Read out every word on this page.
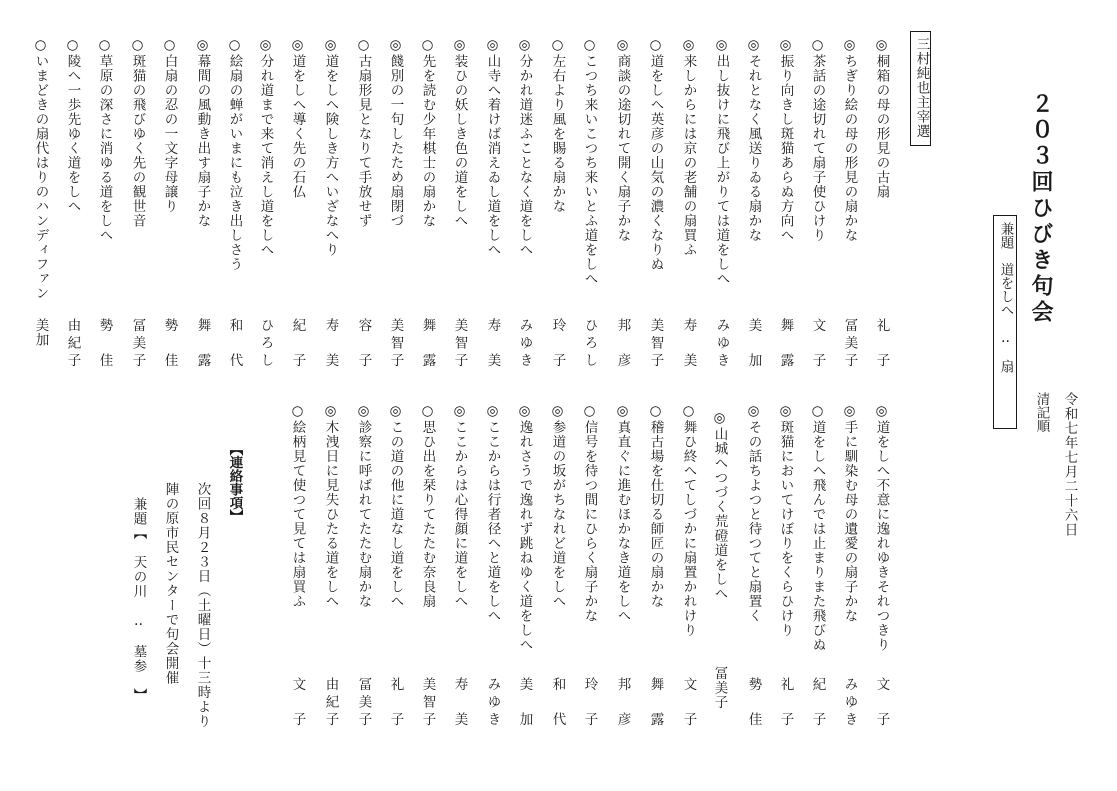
２０３回ひびき句会
令和七年七月二十六日
清記順
兼題　道をしへ　‥　扇
三村純也主宰選
◎桐箱の母の形見の古扇
礼　子
◎ちぎり絵の母の形見の扇かな
冨美子
○茶話の途切れて扇子使ひけり
文　子
◎振り向きし斑猫あらぬ方向へ
舞　露
◎それとなく風送りゐる扇かな
美　加
◎出し抜けに飛び上がりては道をしへ
みゆき
◎来しからには京の老舗の扇買ふ
寿　美
○道をしへ英彦の山気の濃くなりぬ
美智子
◎商談の途切れて開く扇子かな
邦　彦
○こつち来いこつち来いとふ道をしへ
ひろし
○左右より風を賜る扇かな
玲　子
◎分かれ道迷ふことなく道をしへ
みゆき
◎山寺へ着けば消えゐし道をしへ
寿　美
◎装ひの妖しき色の道をしへ
美智子
○先を読む少年棋士の扇かな
舞　露
◎餞別の一句したため扇閉づ
美智子
○古扇形見となりて手放せず
容　子
◎道をしへ険しき方へいざなへり
寿　美
◎道をしへ導く先の石仏
紀　子
◎分れ道まで来て消えし道をしへ
ひろし
○絵扇の蝉がいまにも泣き出しさう
和　代
◎幕間の風動き出す扇子かな
舞　露
○白扇の忍の一文字母譲り
勢　佳
○斑猫の飛びゆく先の観世音
冨美子
○草原の深さに消ゆる道をしへ
勢　佳
○陵へ一歩先ゆく道をしへ
由紀子
○いまどきの扇代はりのハンディファン
美加
◎道をしへ不意に逸れゆきそれつきり
文　子
◎手に馴染む母の遺愛の扇子かな
みゆき
○道をしへ飛んでは止まりまた飛びぬ
紀　子
◎斑猫においてけぼりをくらひけり
礼　子
◎その話ちよつと待つてと扇置く
勢　佳
◎山城へつづく荒磴道をしへ
冨美子
○舞ひ終へてしづかに扇置かれけり
文　子
○稽古場を仕切る師匠の扇かな
舞　露
◎真直ぐに進むほかなき道をしへ
邦　彦
○信号を待つ間にひらく扇子かな
玲　子
◎参道の坂がちなれど道をしへ
和　代
◎逸れさうで逸れず跳ねゆく道をしへ
美　加
◎ここからは行者径へと道をしへ
みゆき
◎ここからは心得顔に道をしへ
寿　美
○思ひ出を栞りてたたむ奈良扇
美智子
◎この道の他に道なし道をしへ
礼　子
◎診察に呼ばれてたたむ扇かな
冨美子
◎木洩日に見失ひたる道をしへ
由紀子
○絵柄見て使つて見ては扇買ふ
文　子
【連絡事項】
次回８月２３日（土曜日）十三時より
陣の原市民センターで句会開催
兼題【　天の川　‥　墓参　】
